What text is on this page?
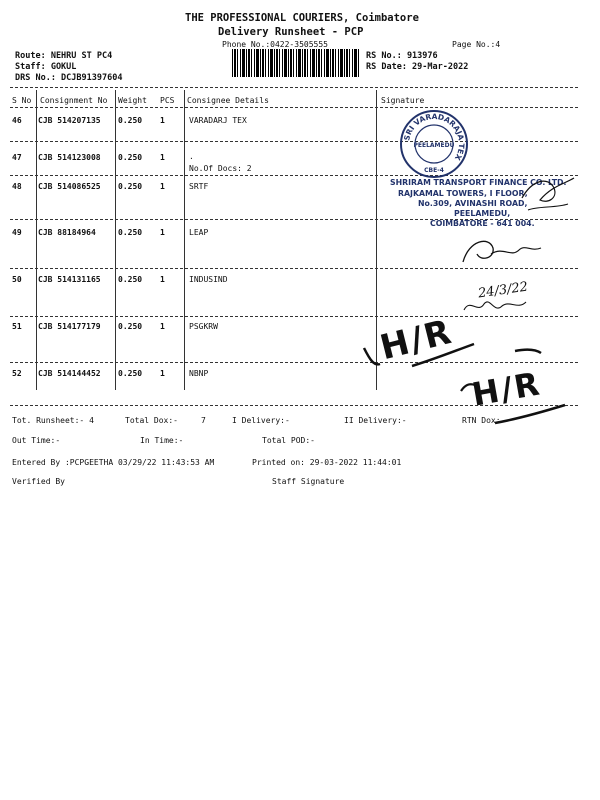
THE PROFESSIONAL COURIERS, Coimbatore
Delivery Runsheet - PCP
Phone No.:0422-3505555	Page No.:4
Route: NEHRU ST PC4
Staff: GOKUL
DRS No.: DCJB91397604
RS No.: 913976
RS Date: 29-Mar-2022
S No Consignment No Weight PCS Consignee Details	Signature
46 CJB 514207135 0.250 1	VARADARJ TEX
47 CJB 514123008 0.250 1	.
No.Of Docs: 2
48 CJB 514086525 0.250 1	SRTF
49 CJB 88184964	0.250 1	LEAP
50 CJB 514131165 0.250 1	INDUSIND
51 CJB 514177179 0.250 1	PSGKRW
52 CJB 514144452 0.250 1	NBNP
Tot. Runsheet:- 4	Total Dox:-	7	I Delivery:-	II Delivery:-	RTN Dox:-
Out Time:-	In Time:-	Total POD:-
Entered By :PCPGEETHA 03/29/22 11:43:53 AM	Printed on: 29-03-2022 11:44:01
Verified By	Staff Signature
SRI VARADARAJA TEX
PEELAMEDU
CBE-4
SHRIRAM TRANSPORT FINANCE CO. LTD.
RAJKAMAL TOWERS, I FLOOR,
No.309, AVINASHI ROAD,
PEELAMEDU,
COIMBATORE - 641 004.
24/3/22
H/R
H/R
